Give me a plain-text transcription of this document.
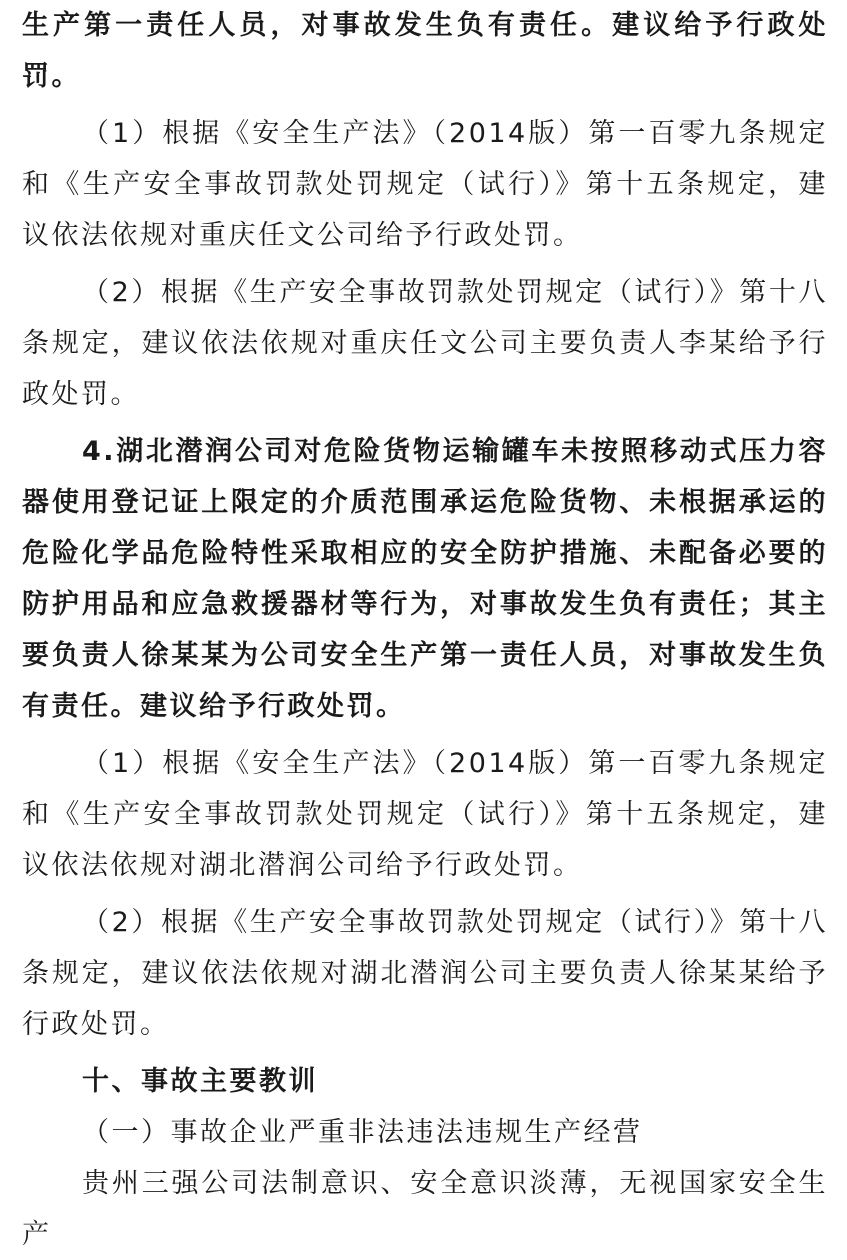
生产第一责任人员，对事故发生负有责任。建议给予行政处罚。

（1）根据《安全生产法》（2014版）第一百零九条规定和《生产安全事故罚款处罚规定（试行）》第十五条规定，建议依法依规对重庆任文公司给予行政处罚。

（2）根据《生产安全事故罚款处罚规定（试行）》第十八条规定，建议依法依规对重庆任文公司主要负责人李某给予行政处罚。

4.湖北潜润公司对危险货物运输罐车未按照移动式压力容器使用登记证上限定的介质范围承运危险货物、未根据承运的危险化学品危险特性采取相应的安全防护措施、未配备必要的防护用品和应急救援器材等行为，对事故发生负有责任；其主要负责人徐某某为公司安全生产第一责任人员，对事故发生负有责任。建议给予行政处罚。

（1）根据《安全生产法》（2014版）第一百零九条规定和《生产安全事故罚款处罚规定（试行）》第十五条规定，建议依法依规对湖北潜润公司给予行政处罚。

（2）根据《生产安全事故罚款处罚规定（试行）》第十八条规定，建议依法依规对湖北潜润公司主要负责人徐某某给予行政处罚。

十、事故主要教训

（一）事故企业严重非法违法违规生产经营

贵州三强公司法制意识、安全意识淡薄，无视国家安全生产
